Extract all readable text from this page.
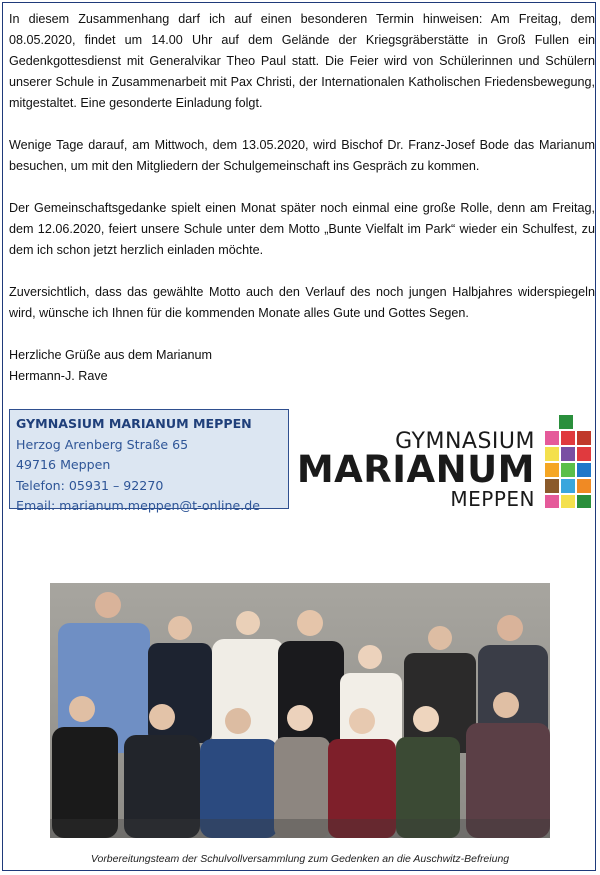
In diesem Zusammenhang darf ich auf einen besonderen Termin hinweisen: Am Freitag, dem 08.05.2020, findet um 14.00 Uhr auf dem Gelände der Kriegsgräberstätte in Groß Fullen ein Gedenkgottesdienst mit Generalvikar Theo Paul statt. Die Feier wird von Schülerinnen und Schülern unserer Schule in Zusammenarbeit mit Pax Christi, der Internationalen Katholischen Friedensbewegung, mitgestaltet. Eine gesonderte Einladung folgt.

Wenige Tage darauf, am Mittwoch, dem 13.05.2020, wird Bischof Dr. Franz-Josef Bode das Marianum besuchen, um mit den Mitgliedern der Schulgemeinschaft ins Gespräch zu kommen.

Der Gemeinschaftsgedanke spielt einen Monat später noch einmal eine große Rolle, denn am Freitag, dem 12.06.2020, feiert unsere Schule unter dem Motto „Bunte Vielfalt im Park“ wieder ein Schulfest, zu dem ich schon jetzt herzlich einladen möchte.

Zuversichtlich, dass das gewählte Motto auch den Verlauf des noch jungen Halbjahres widerspiegeln wird, wünsche ich Ihnen für die kommenden Monate alles Gute und Gottes Segen.

Herzliche Grüße aus dem Marianum

Hermann-J. Rave

GYMNASIUM MARIANUM MEPPEN
Herzog Arenberg Straße 65
49716 Meppen
Telefon: 05931 – 92270
Email: marianum.meppen@t-online.de
GYMNASIUM
MARIANUM
MEPPEN
Vorbereitungsteam der Schulvollversammlung zum Gedenken an die Auschwitz-Befreiung
